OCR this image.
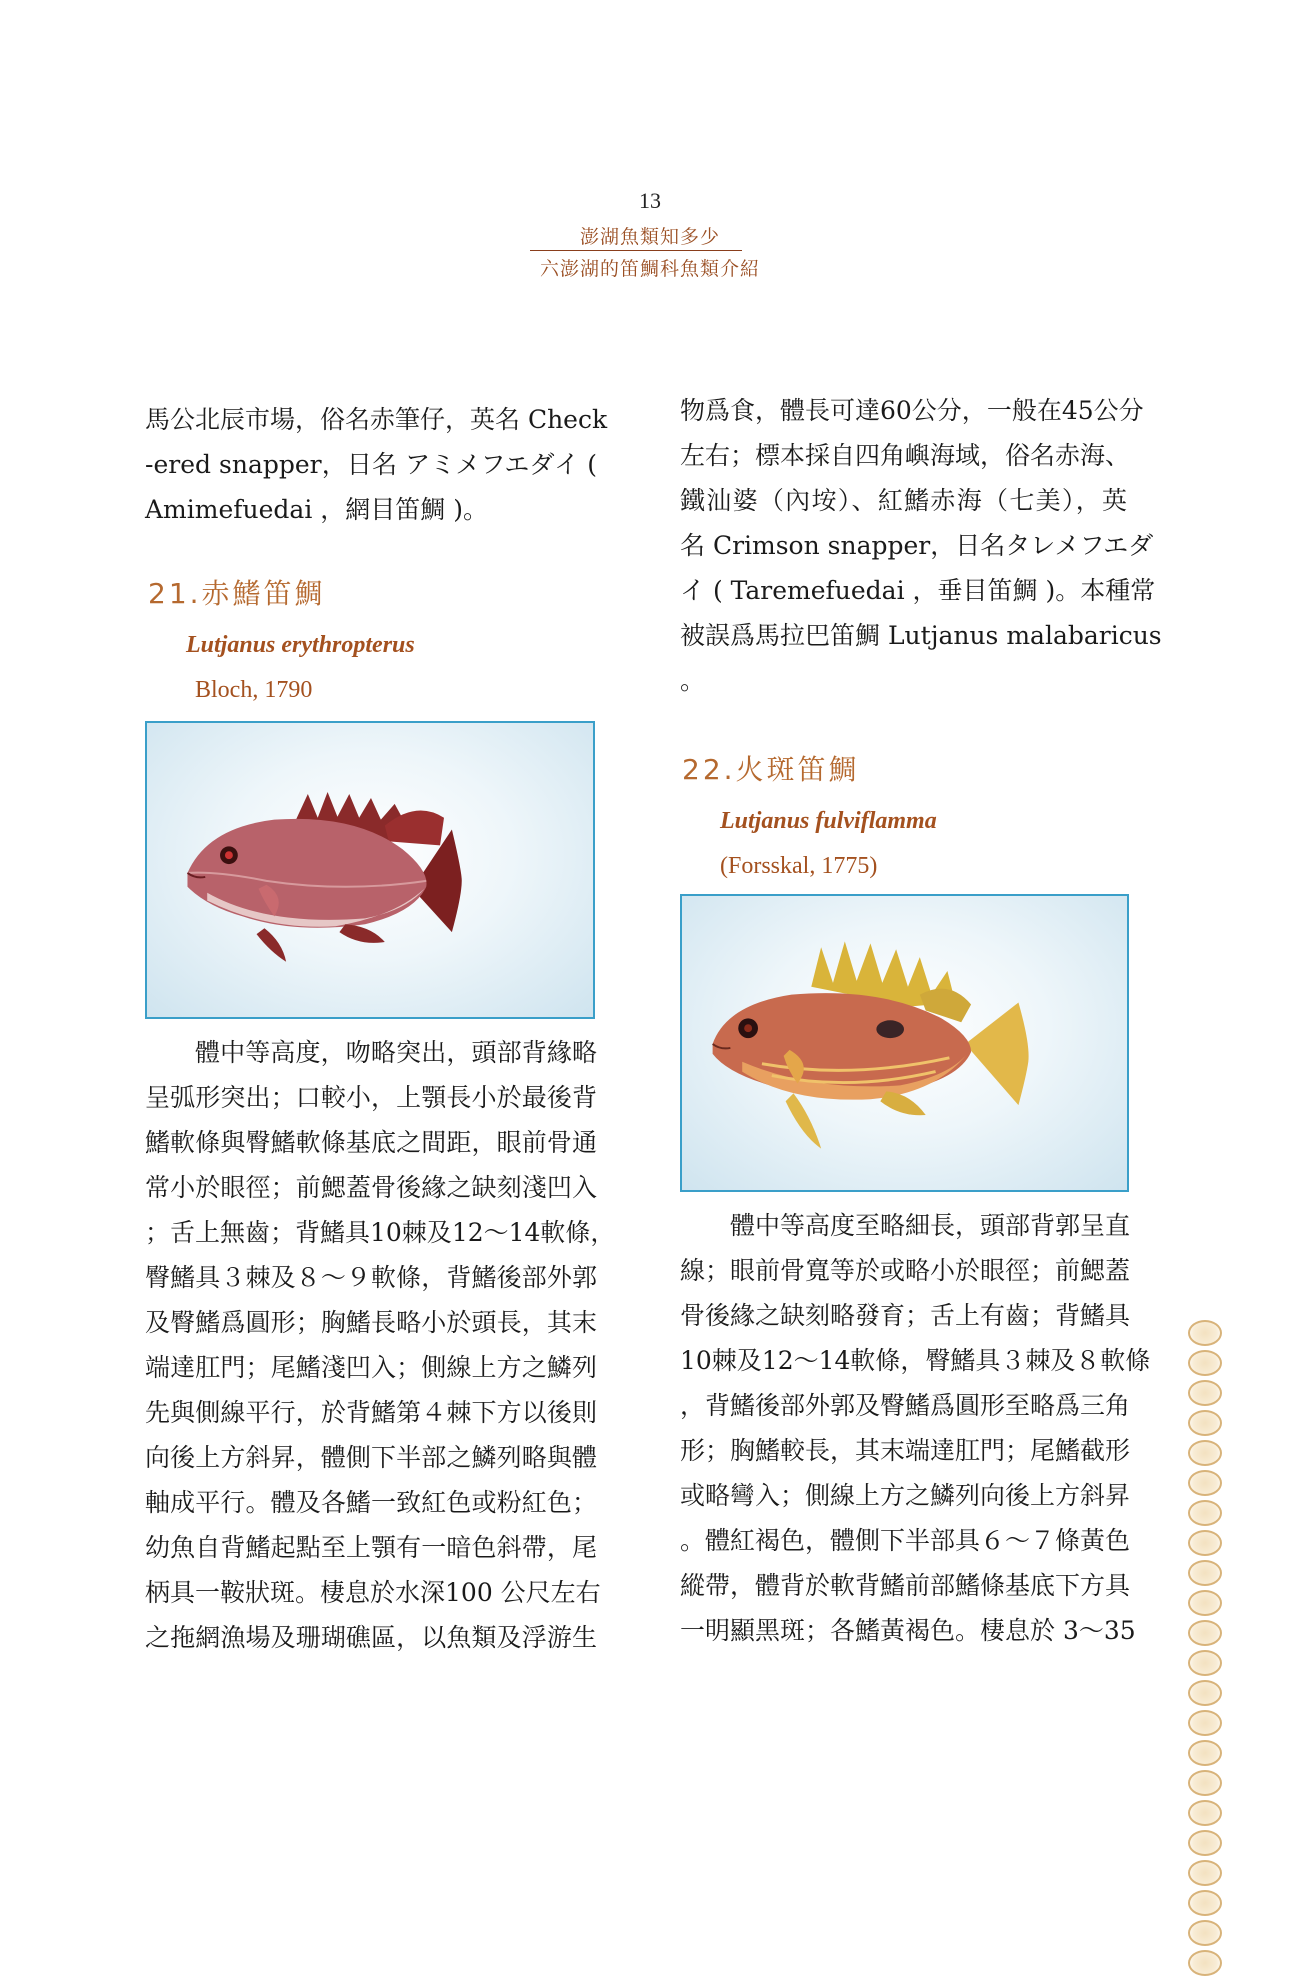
13
澎湖魚類知多少
六澎湖的笛鯛科魚類介紹
馬公北辰市場，俗名赤筆仔，英名 Check
-ered snapper，日名 アミメフエダイ (
Amimefuedai ，網目笛鯛 )。
21.赤鰭笛鯛
Lutjanus erythropterus
Bloch, 1790
體中等高度，吻略突出，頭部背緣略
呈弧形突出；口較小，上顎長小於最後背
鰭軟條與臀鰭軟條基底之間距，眼前骨通
常小於眼徑；前鰓蓋骨後緣之缺刻淺凹入
；舌上無齒；背鰭具10棘及12～14軟條，
臀鰭具３棘及８～９軟條，背鰭後部外郭
及臀鰭爲圓形；胸鰭長略小於頭長，其末
端達肛門；尾鰭淺凹入；側線上方之鱗列
先與側線平行，於背鰭第４棘下方以後則
向後上方斜昇，體側下半部之鱗列略與體
軸成平行。體及各鰭一致紅色或粉紅色；
幼魚自背鰭起點至上顎有一暗色斜帶，尾
柄具一鞍狀斑。棲息於水深100 公尺左右
之拖網漁場及珊瑚礁區，以魚類及浮游生
物爲食，體長可達60公分，一般在45公分
左右；標本採自四角嶼海域，俗名赤海、
鐵汕婆（內垵）、紅鰭赤海（七美），英
名 Crimson snapper，日名タレメフエダ
イ ( Taremefuedai ，垂目笛鯛 )。本種常
被誤爲馬拉巴笛鯛 Lutjanus malabaricus
。
22.火斑笛鯛
Lutjanus fulviflamma
(Forsskal, 1775)
體中等高度至略細長，頭部背郭呈直
線；眼前骨寬等於或略小於眼徑；前鰓蓋
骨後緣之缺刻略發育；舌上有齒；背鰭具
10棘及12～14軟條，臀鰭具３棘及８軟條
，背鰭後部外郭及臀鰭爲圓形至略爲三角
形；胸鰭較長，其末端達肛門；尾鰭截形
或略彎入；側線上方之鱗列向後上方斜昇
。體紅褐色，體側下半部具６～７條黃色
縱帶，體背於軟背鰭前部鰭條基底下方具
一明顯黑斑；各鰭黃褐色。棲息於 3～35
